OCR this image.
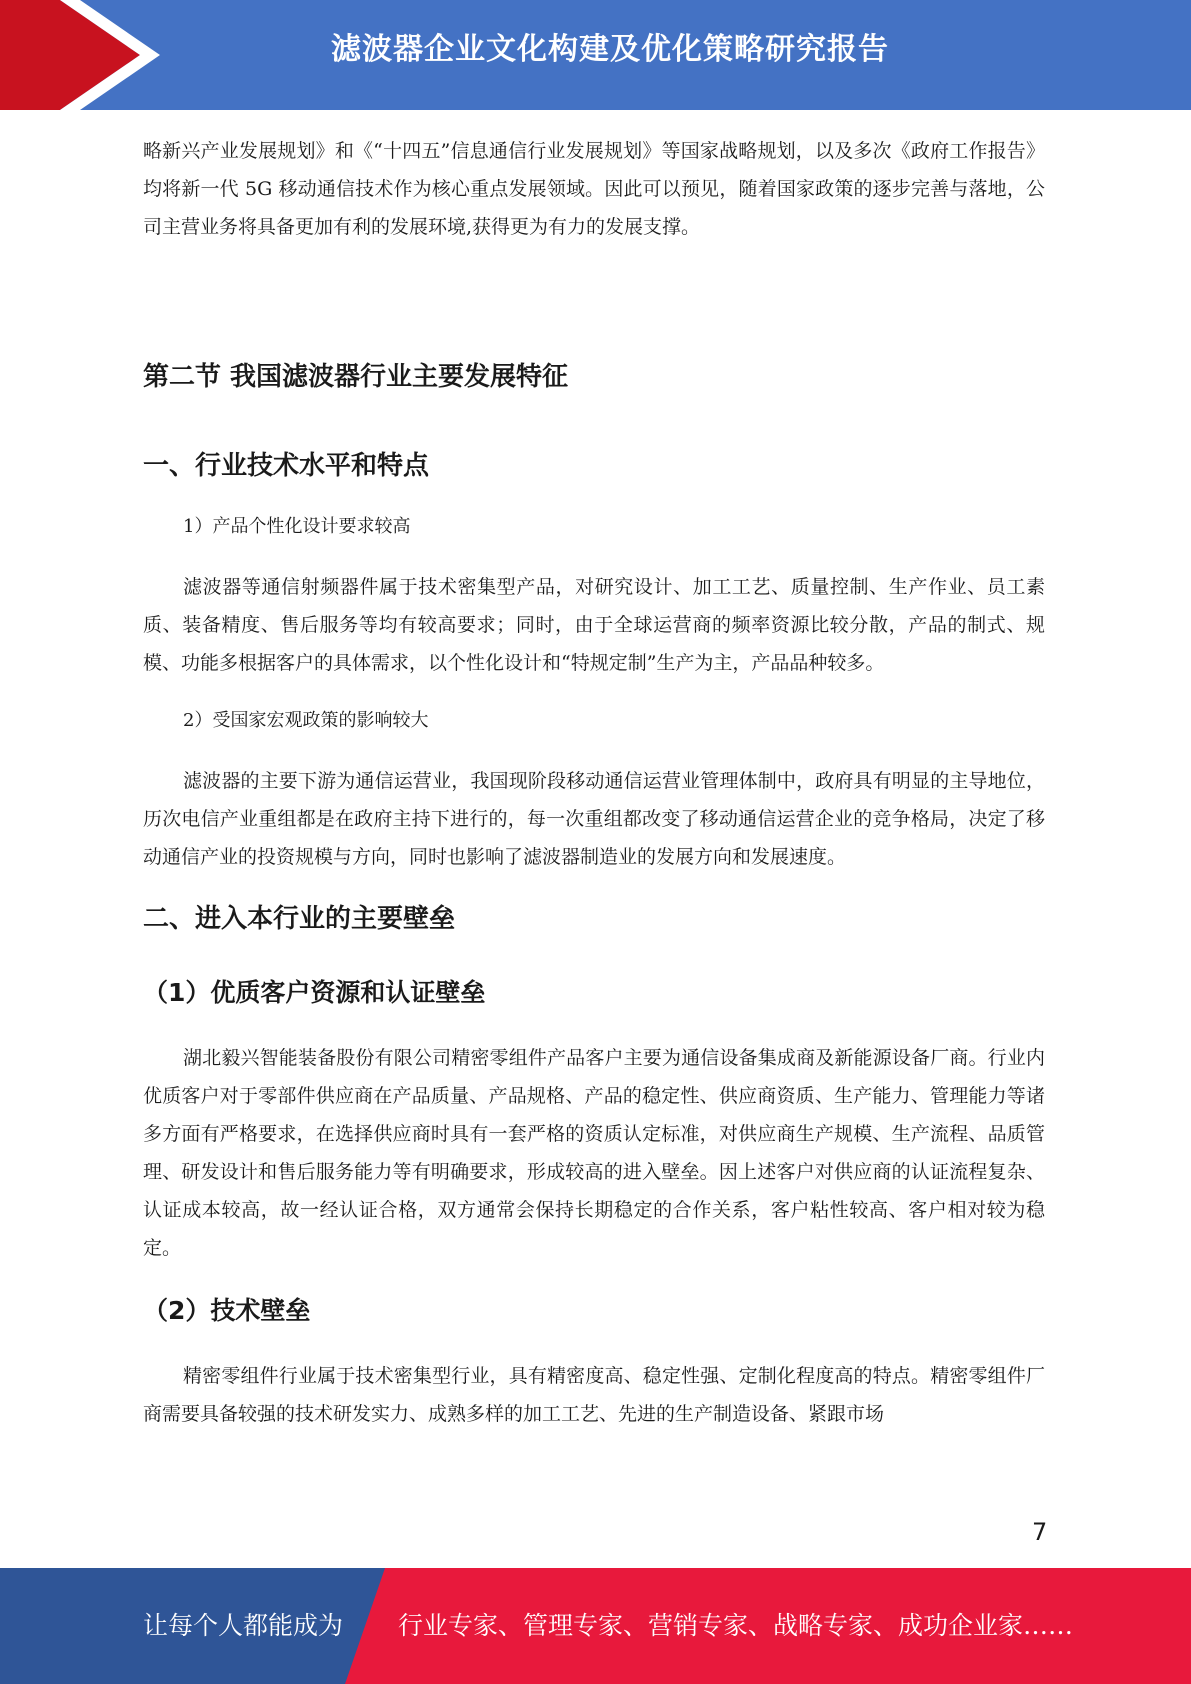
滤波器企业文化构建及优化策略研究报告

略新兴产业发展规划》和《“十四五”信息通信行业发展规划》等国家战略规划，以及多次《政府工作报告》均将新一代 5G 移动通信技术作为核心重点发展领域。因此可以预见，随着国家政策的逐步完善与落地，公司主营业务将具备更加有利的发展环境,获得更为有力的发展支撑。

第二节 我国滤波器行业主要发展特征
一、行业技术水平和特点

1）产品个性化设计要求较高

滤波器等通信射频器件属于技术密集型产品，对研究设计、加工工艺、质量控制、生产作业、员工素质、装备精度、售后服务等均有较高要求；同时，由于全球运营商的频率资源比较分散，产品的制式、规模、功能多根据客户的具体需求，以个性化设计和“特规定制”生产为主，产品品种较多。

2）受国家宏观政策的影响较大

滤波器的主要下游为通信运营业，我国现阶段移动通信运营业管理体制中，政府具有明显的主导地位，历次电信产业重组都是在政府主持下进行的，每一次重组都改变了移动通信运营企业的竞争格局，决定了移动通信产业的投资规模与方向，同时也影响了滤波器制造业的发展方向和发展速度。

二、进入本行业的主要壁垒
（1）优质客户资源和认证壁垒

湖北毅兴智能装备股份有限公司精密零组件产品客户主要为通信设备集成商及新能源设备厂商。行业内优质客户对于零部件供应商在产品质量、产品规格、产品的稳定性、供应商资质、生产能力、管理能力等诸多方面有严格要求，在选择供应商时具有一套严格的资质认定标准，对供应商生产规模、生产流程、品质管理、研发设计和售后服务能力等有明确要求，形成较高的进入壁垒。因上述客户对供应商的认证流程复杂、认证成本较高，故一经认证合格，双方通常会保持长期稳定的合作关系，客户粘性较高、客户相对较为稳定。

（2）技术壁垒

精密零组件行业属于技术密集型行业，具有精密度高、稳定性强、定制化程度高的特点。精密零组件厂商需要具备较强的技术研发实力、成熟多样的加工工艺、先进的生产制造设备、紧跟市场

7
让每个人都能成为 行业专家、管理专家、营销专家、战略专家、成功企业家……
